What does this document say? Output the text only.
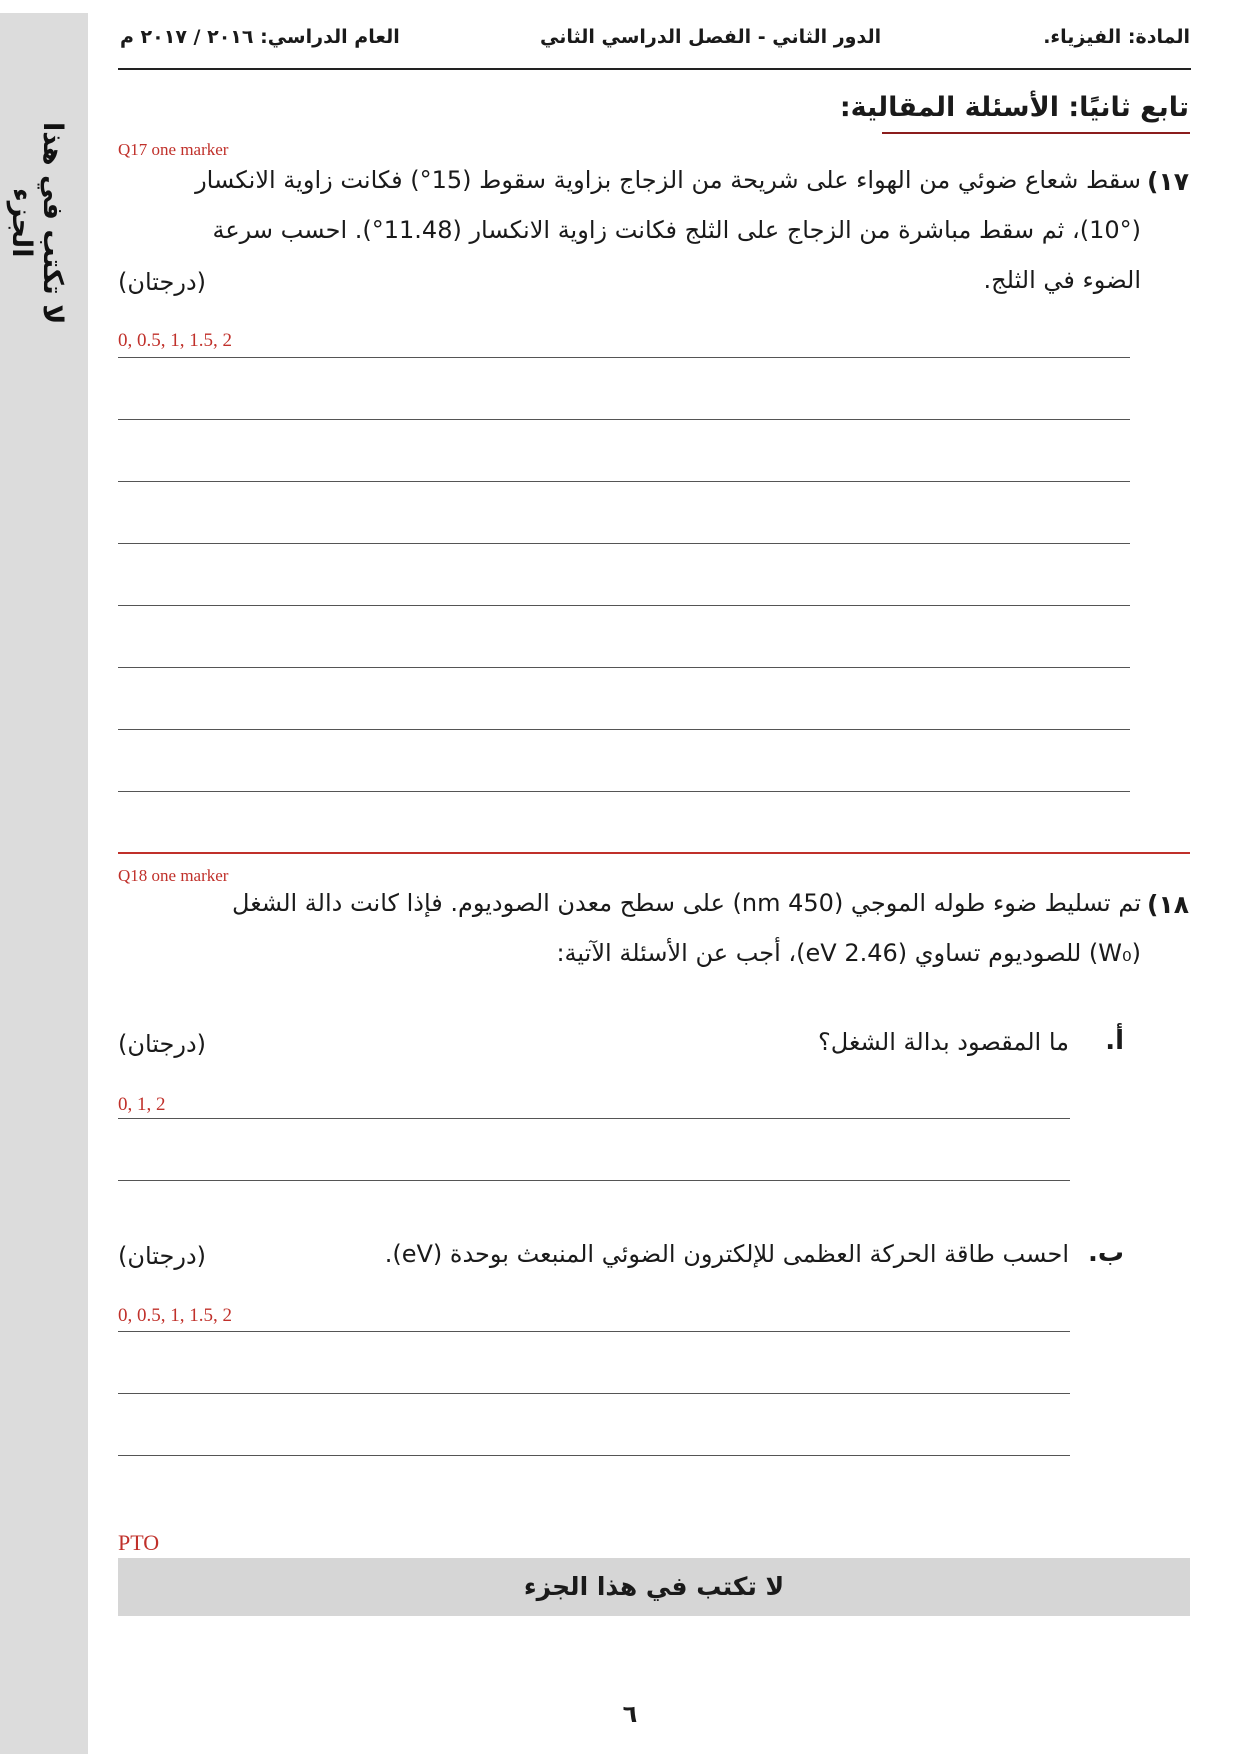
لا تكتب في هذا الجزء
المادة: الفيزياء.
الدور الثاني - الفصل الدراسي الثاني
العام الدراسي: ٢٠١٦ / ٢٠١٧ م
تابع ثانيًا: الأسئلة المقالية:
Q17 one marker
١٧)
سقط شعاع ضوئي من الهواء على شريحة من الزجاج بزاوية سقوط (15°) فكانت زاوية الانكسار
(10°)، ثم سقط مباشرة من الزجاج على الثلج فكانت زاوية الانكسار (11.48°). احسب سرعة
الضوء في الثلج.
(درجتان)
0, 0.5, 1, 1.5, 2
Q18 one marker
١٨)
تم تسليط ضوء طوله الموجي (450 nm) على سطح معدن الصوديوم. فإذا كانت دالة الشغل
(W₀) للصوديوم تساوي (2.46 eV)، أجب عن الأسئلة الآتية:
أ.
ما المقصود بدالة الشغل؟
(درجتان)
0, 1, 2
ب.
احسب طاقة الحركة العظمى للإلكترون الضوئي المنبعث بوحدة (eV).
(درجتان)
0, 0.5, 1, 1.5, 2
PTO
لا تكتب في هذا الجزء
٦
